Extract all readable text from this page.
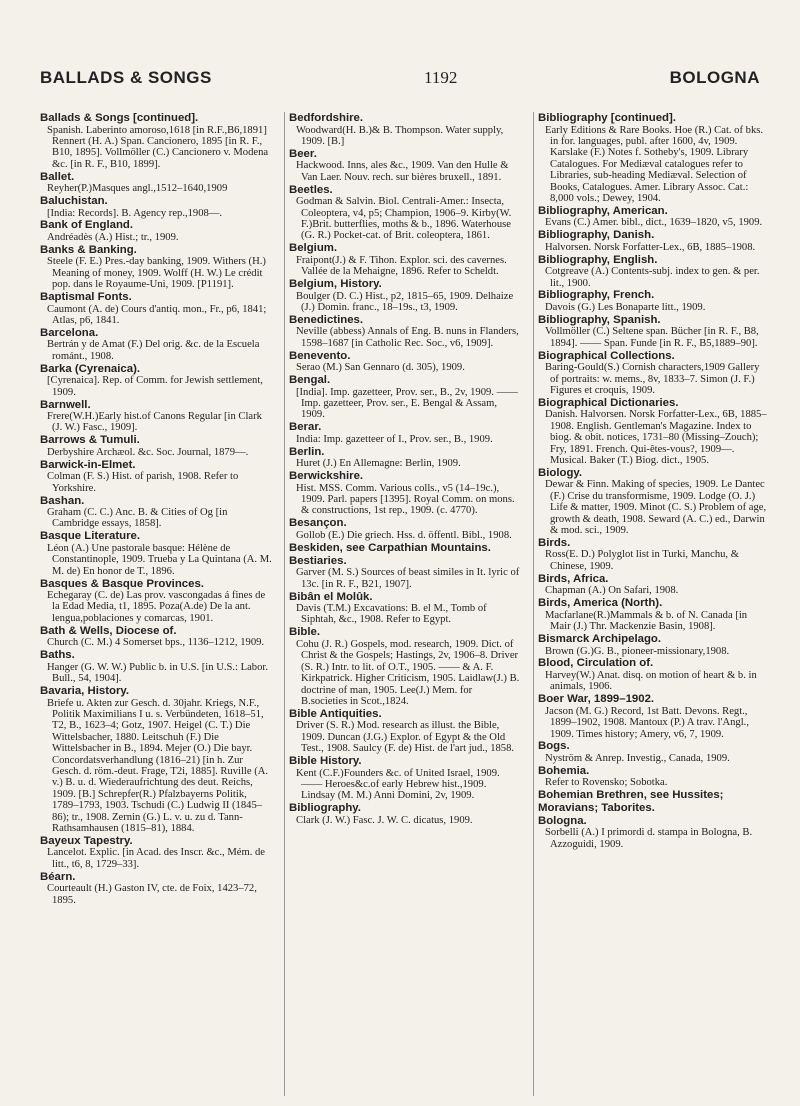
BALLADS & SONGS	1192	BOLOGNA
Ballads & Songs [continued].
Spanish. Laberinto amoroso,1618 [in R.F.,B6,1891] Rennert (H. A.) Span. Cancionero, 1895 [in R. F., B10, 1895]. Vollmöller (C.) Cancionero v. Modena &c. [in R. F., B10, 1899].
Ballet.
Reyher(P.)Masques angl.,1512–1640,1909
Baluchistan.
[India: Records]. B. Agency rep.,1908—.
Bank of England.
Andréadès (A.) Hist.; tr., 1909.
Banks & Banking.
Steele (F. E.) Pres.-day banking, 1909. Withers (H.) Meaning of money, 1909. Wolff (H. W.) Le crédit pop. dans le Royaume-Uni, 1909. [P1191].
Baptismal Fonts.
Caumont (A. de) Cours d'antiq. mon., Fr., p6, 1841; Atlas, p6, 1841.
Barcelona.
Bertrán y de Amat (F.) Del orig. &c. de la Escuela románt., 1908.
Barka (Cyrenaica).
[Cyrenaica]. Rep. of Comm. for Jewish settlement, 1909.
Barnwell.
Frere(W.H.)Early hist.of Canons Regular [in Clark (J. W.) Fasc., 1909].
Barrows & Tumuli.
Derbyshire Archæol. &c. Soc. Journal, 1879—.
Barwick-in-Elmet.
Colman (F. S.) Hist. of parish, 1908. Refer to Yorkshire.
Bashan.
Graham (C. C.) Anc. B. & Cities of Og [in Cambridge essays, 1858].
Basque Literature.
Léon (A.) Une pastorale basque: Hélène de Constantinople, 1909. Trueba y La Quintana (A. M. M. de) En honor de T., 1896.
Basques & Basque Provinces.
Echegaray (C. de) Las prov. vascongadas á fines de la Edad Media, t1, 1895. Poza(A.de) De la ant. lengua,poblaciones y comarcas, 1901.
Bath & Wells, Diocese of.
Church (C. M.) 4 Somerset bps., 1136–1212, 1909.
Baths.
Hanger (G. W. W.) Public b. in U.S. [in U.S.: Labor. Bull., 54, 1904].
Bavaria, History.
Briefe u. Akten zur Gesch. d. 30jahr. Kriegs, N.F., Politik Maximilians I u. s. Verbündeten, 1618–51, T2, B., 1623–4; Gotz, 1907. Heigel (C. T.) Die Wittelsbacher, 1880. Leitschuh (F.) Die Wittelsbacher in B., 1894. Mejer (O.) Die bayr. Concordatsverhandlung (1816–21) [in h. Zur Gesch. d. röm.-deut. Frage, T2i, 1885]. Ruville (A. v.) B. u. d. Wiederaufrichtung des deut. Reichs, 1909. [B.] Schrepfer(R.) Pfalzbayerns Politik, 1789–1793, 1903. Tschudi (C.) Ludwig II (1845–86); tr., 1908. Zernin (G.) L. v. u. zu d. Tann-Rathsamhausen (1815–81), 1884.
Bayeux Tapestry.
Lancelot. Explic. [in Acad. des Inscr. &c., Mém. de litt., t6, 8, 1729–33].
Béarn.
Courteault (H.) Gaston IV, cte. de Foix, 1423–72, 1895.
Bedfordshire.
Woodward(H. B.)& B. Thompson. Water supply, 1909. [B.]
Beer.
Hackwood. Inns, ales &c., 1909. Van den Hulle & Van Laer. Nouv. rech. sur bières bruxell., 1891.
Beetles.
Godman & Salvin. Biol. Centrali-Amer.: Insecta, Coleoptera, v4, p5; Champion, 1906–9. Kirby(W. F.)Brit. butterflies, moths & b., 1896. Waterhouse (G. R.) Pocket-cat. of Brit. coleoptera, 1861.
Belgium.
Fraipont(J.) & F. Tihon. Explor. sci. des cavernes. Vallée de la Mehaigne, 1896. Refer to Scheldt.
Belgium, History.
Boulger (D. C.) Hist., p2, 1815–65, 1909. Delhaize (J.) Domin. franc., 18–19s., t3, 1909.
Benedictines.
Neville (abbess) Annals of Eng. B. nuns in Flanders, 1598–1687 [in Catholic Rec. Soc., v6, 1909].
Benevento.
Serao (M.) San Gennaro (d. 305), 1909.
Bengal.
[India]. Imp. gazetteer, Prov. ser., B., 2v, 1909. —— Imp. gazetteer, Prov. ser., E. Bengal & Assam, 1909.
Berar.
India: Imp. gazetteer of I., Prov. ser., B., 1909.
Berlin.
Huret (J.) En Allemagne: Berlin, 1909.
Berwickshire.
Hist. MSS. Comm. Various colls., v5 (14–19c.), 1909. Parl. papers [1395]. Royal Comm. on mons. & constructions, 1st rep., 1909. (c. 4770).
Besançon.
Gollob (E.) Die griech. Hss. d. öffentl. Bibl., 1908.
Beskiden, see Carpathian Mountains.
Bestiaries.
Garver (M. S.) Sources of beast similes in It. lyric of 13c. [in R. F., B21, 1907].
Bibân el Molûk.
Davis (T.M.) Excavations: B. el M., Tomb of Siphtah, &c., 1908. Refer to Egypt.
Bible.
Cohu (J. R.) Gospels, mod. research, 1909. Dict. of Christ & the Gospels; Hastings, 2v, 1906–8. Driver (S. R.) Intr. to lit. of O.T., 1905. —— & A. F. Kirkpatrick. Higher Criticism, 1905. Laidlaw(J.) B. doctrine of man, 1905. Lee(J.) Mem. for B.societies in Scot.,1824.
Bible Antiquities.
Driver (S. R.) Mod. research as illust. the Bible, 1909. Duncan (J.G.) Explor. of Egypt & the Old Test., 1908. Saulcy (F. de) Hist. de l'art jud., 1858.
Bible History.
Kent (C.F.)Founders &c. of United Israel, 1909. —— Heroes&c.of early Hebrew hist.,1909. Lindsay (M. M.) Anni Domini, 2v, 1909.
Bibliography.
Clark (J. W.) Fasc. J. W. C. dicatus, 1909.
Bibliography [continued].
Early Editions & Rare Books. Hoe (R.) Cat. of bks. in for. languages, publ. after 1600, 4v, 1909. Karslake (F.) Notes f. Sotheby's, 1909. Library Catalogues. For Mediæval catalogues refer to Libraries, sub-heading Mediæval. Selection of Books, Catalogues. Amer. Library Assoc. Cat.: 8,000 vols.; Dewey, 1904.
Bibliography, American.
Evans (C.) Amer. bibl., dict., 1639–1820, v5, 1909.
Bibliography, Danish.
Halvorsen. Norsk Forfatter-Lex., 6B, 1885–1908.
Bibliography, English.
Cotgreave (A.) Contents-subj. index to gen. & per. lit., 1900.
Bibliography, French.
Davois (G.) Les Bonaparte litt., 1909.
Bibliography, Spanish.
Vollmöller (C.) Seltene span. Bücher [in R. F., B8, 1894]. —— Span. Funde [in R. F., B5,1889–90].
Biographical Collections.
Baring-Gould(S.) Cornish characters,1909 Gallery of portraits: w. mems., 8v, 1833–7. Simon (J. F.) Figures et croquis, 1909.
Biographical Dictionaries.
Danish. Halvorsen. Norsk Forfatter-Lex., 6B, 1885–1908. English. Gentleman's Magazine. Index to biog. & obit. notices, 1731–80 (Missing–Zouch); Fry, 1891. French. Qui-êtes-vous?, 1909—. Musical. Baker (T.) Biog. dict., 1905.
Biology.
Dewar & Finn. Making of species, 1909. Le Dantec (F.) Crise du transformisme, 1909. Lodge (O. J.) Life & matter, 1909. Minot (C. S.) Problem of age, growth & death, 1908. Seward (A. C.) ed., Darwin & mod. sci., 1909.
Birds.
Ross(E. D.) Polyglot list in Turki, Manchu, & Chinese, 1909.
Birds, Africa.
Chapman (A.) On Safari, 1908.
Birds, America (North).
Macfarlane(R.)Mammals & b. of N. Canada [in Mair (J.) Thr. Mackenzie Basin, 1908].
Bismarck Archipelago.
Brown (G.)G. B., pioneer-missionary,1908.
Blood, Circulation of.
Harvey(W.) Anat. disq. on motion of heart & b. in animals, 1906.
Boer War, 1899–1902.
Jacson (M. G.) Record, 1st Batt. Devons. Regt., 1899–1902, 1908. Mantoux (P.) A trav. l'Angl., 1909. Times history; Amery, v6, 7, 1909.
Bogs.
Nyström & Anrep. Investig., Canada, 1909.
Bohemia.
Refer to Rovensko; Sobotka.
Bohemian Brethren, see Hussites; Moravians; Taborites.
Bologna.
Sorbelli (A.) I primordi d. stampa in Bologna, B. Azzoguidi, 1909.
